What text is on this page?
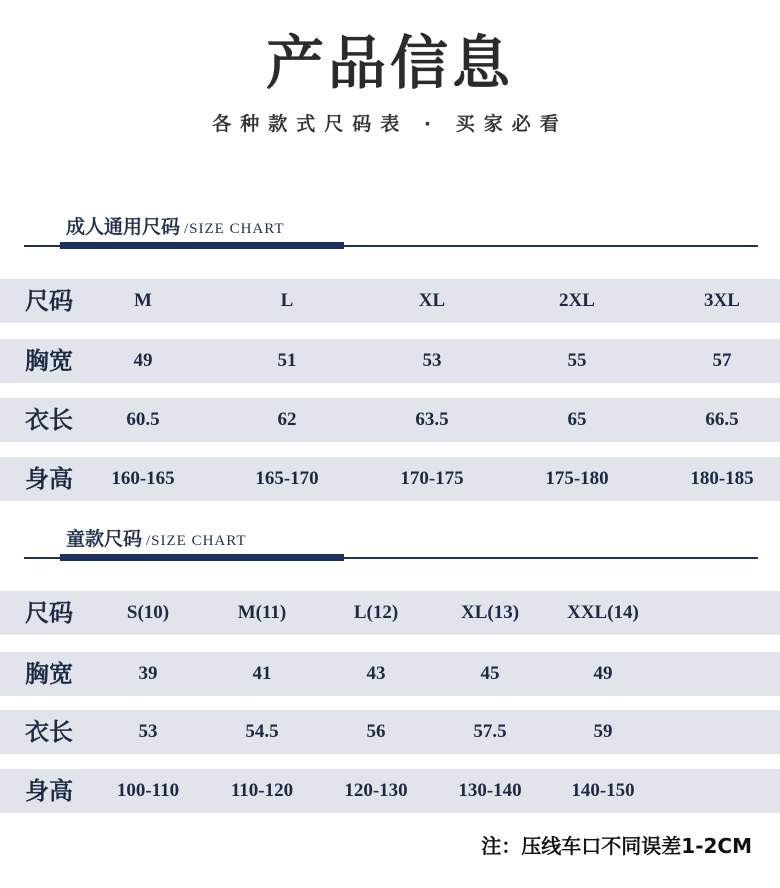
产品信息
各种款式尺码表 · 买家必看
成人通用尺码 /SIZE CHART
尺码	M	L	XL	2XL	3XL
胸宽	49	51	53	55	57
衣长	60.5	62	63.5	65	66.5
身高	160-165	165-170	170-175	175-180	180-185
童款尺码 /SIZE CHART
尺码	S(10)	M(11)	L(12)	XL(13)	XXL(14)
胸宽	39	41	43	45	49
衣长	53	54.5	56	57.5	59
身高	100-110	110-120	120-130	130-140	140-150
注：压线车口不同误差1-2CM
